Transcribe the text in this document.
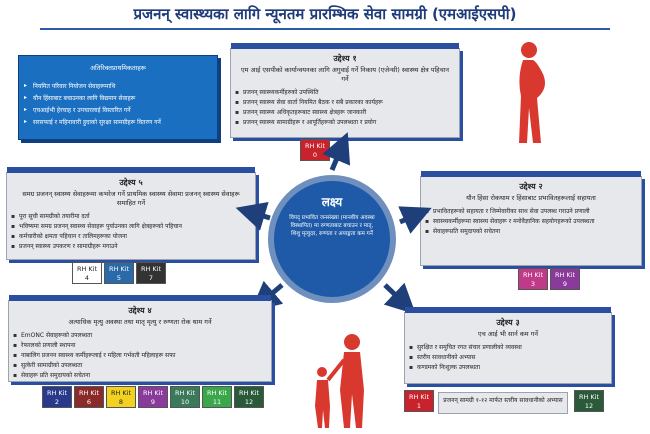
प्रजनन् स्वास्थ्यका लागि न्यूनतम प्रारम्भिक सेवा सामग्री (एमआईएसपी)
अतिरिक्तप्राथमिकताहरू
▸ नियमित परिवार नियोजन सेवाहरूमाथि
▸ यौन हिंसाबाट बचाउनका लागि विद्यमान सेवाहरू
▸ एचआईभी हेरचाह र उपचारलाई विस्तारित गर्ने
▸ सरसफाई र महिनावारी हुदाको सुरक्षा सामग्रीहरू वितरण गर्ने
उद्देश्य १
एम आई एसपीको कार्यान्वयनका लागि अगुवाई गर्ने निकाय (एजेन्सी) स्वास्थ्य क्षेत्र पहिचान गर्ने
▪ प्रजनन् स्वास्थ्यकर्मीहरुको उपस्थिति
▪ प्रजनन् स्वास्थ्य सेवा वार्ता नियमित बैठक र सबै प्रकारका कार्यहरू
▪ प्रजनन् स्वास्थ्य अधिकृतहरूबाट स्वास्थ्य क्षेत्रहरू जानकारी
▪ प्रजनन् स्वास्थ्य सामाग्रीहरू र आपूर्तिहरूको उपलब्धता र प्रयोग
RH Kit
0
उद्देश्य ५
समग्र प्रजनन् स्वास्थ्य सेवाहरूमा कभरेज गर्ने प्राथमिक स्वास्थ्य सेवामा प्रजनन् स्वास्थ्य सेवाहरू समाहित गर्ने
▪ पूरा सूची सामग्रीको तयारीमा दर्ता
▪ भविष्यमा समग्र प्रजनन् स्वास्थ्य सेवाहरू पुर्याउनका लागि क्षेत्रहरूको पहिचान
▪ कर्मचारीको क्षमता पहिचान र तालिमहरूका योजना
▪ प्रजनन् स्वास्थ्य उपकरण र सामाग्रीहरू मगाउने
RH Kit
4
RH Kit
5
RH Kit
7
उद्देश्य २
यौन हिंसा रोकथाम र हिंसाबाट प्रभावितहरूलाई सहायता
▪ प्रभावितहरूको सहायता र जिम्मेवारीका साथ सेवा उपलब्ध गराउने प्रणाली
▪ स्वास्थ्यकर्मीहरूमा स्वास्थ्य सेवाहरू र मनोवैज्ञानिक सहयोगहरूको उपलब्धता
▪ सेवाहरूप्रति समुदायको सचेतना
RH Kit
3
RH Kit
9
लक्ष्य
विपद् प्रभावित जनसंख्या (मानवीय अवस्था विस्थापित) मा रुग्णताबाट बचाउन र मातृ, शिशु मृत्युदर, रुग्णता र अपाङ्गता कम गर्ने
उद्देश्य ४
अत्याधिक मृत्यु अवस्था तथा मातृ मृत्यु र रुग्णता रोक थाम गर्ने
▪ EmONC सेवाहरूको उपलब्धता
▪ रेफरलको प्रणाली स्थापना
▪ नाबालिग प्रजनन स्वास्थ्य कर्मीहरूलाई र महिला गर्भवती महिलाहरू सफा
▪ सुत्केरी सामाग्रीको उपलब्धता
▪ सेवाहरू प्रति समुदायको सचेतना
RH Kit
2
RH Kit
6
RH Kit
8
RH Kit
9
RH Kit
10
RH Kit
11
RH Kit
12
उद्देश्य ३
एच आई भी सार्न कम गर्ने
▪ सुरक्षित र समुचित रगत संचार प्रणालीको व्यवस्था
▪ स्तरीय सावधानीको अभ्यास
▪ कण्डमको निःशुल्क उपलब्धता
RH Kit
1
प्रजनन् सामग्री १-१२ मार्फत स्तरीय सावधानीको अभ्यास	RH Kit
12
